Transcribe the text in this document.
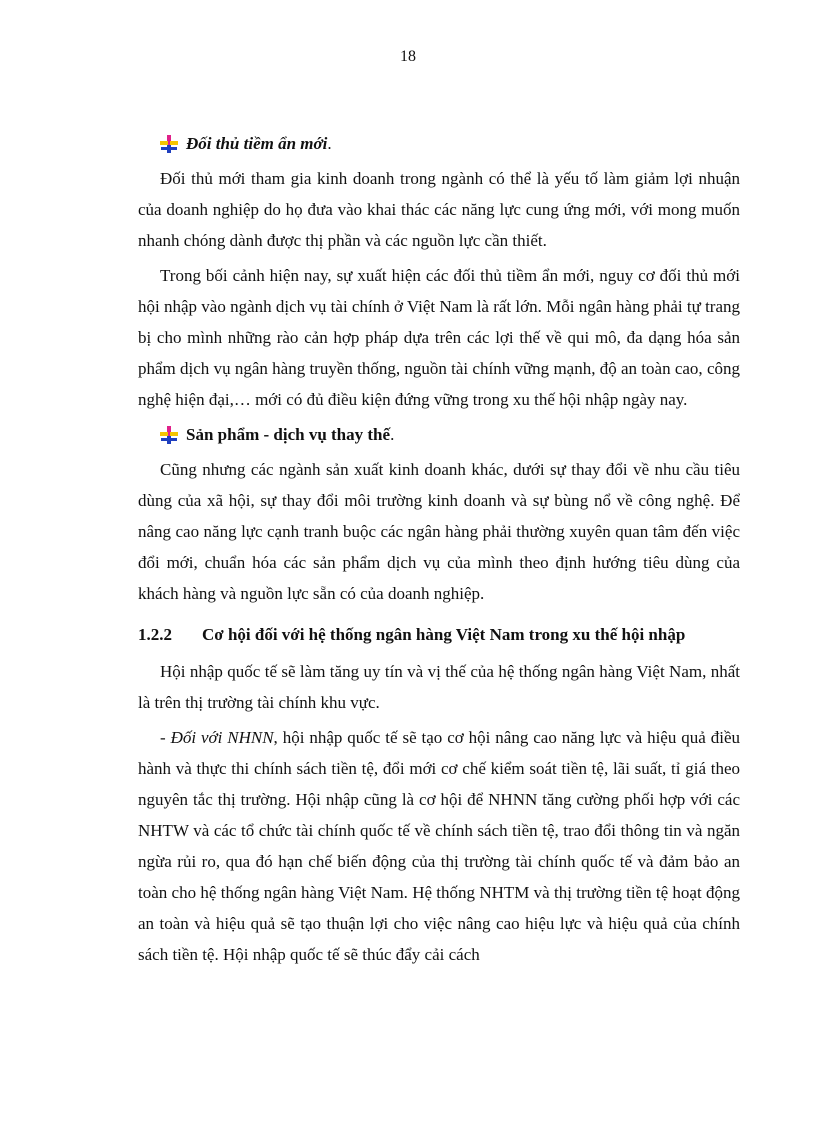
18
Đối thủ tiềm ẩn mới .

Đối thủ mới tham gia kinh doanh trong ngành có thể là yếu tố làm giảm lợi nhuận của doanh nghiệp do họ đưa vào khai thác các năng lực cung ứng mới, với mong muốn nhanh chóng dành được thị phần và các nguồn lực cần thiết.

Trong bối cảnh hiện nay, sự xuất hiện các đối thủ tiềm ẩn mới, nguy cơ đối thủ mới hội nhập vào ngành dịch vụ tài chính ở Việt Nam là rất lớn. Mỗi ngân hàng phải tự trang bị cho mình những rào cản hợp pháp dựa trên các lợi thế về qui mô, đa dạng hóa sản phẩm dịch vụ ngân hàng truyền thống, nguồn tài chính vững mạnh, độ an toàn cao, công nghệ hiện đại,… mới có đủ điều kiện đứng vững trong xu thế hội nhập ngày nay.

Sản phẩm - dịch vụ thay thế .

Cũng nhưng các ngành sản xuất kinh doanh khác, dưới sự thay đổi về nhu cầu tiêu dùng của xã hội, sự thay đổi môi trường kinh doanh và sự bùng nổ về công nghệ. Để nâng cao năng lực cạnh tranh buộc các ngân hàng phải thường xuyên quan tâm đến việc đổi mới, chuẩn hóa các sản phẩm dịch vụ của mình theo định hướng tiêu dùng của khách hàng và nguồn lực sẵn có của doanh nghiệp.

1.2.2	Cơ hội đối với hệ thống ngân hàng Việt Nam trong xu thế hội nhập

Hội nhập quốc tế sẽ làm tăng uy tín và vị thế của hệ thống ngân hàng Việt Nam, nhất là trên thị trường tài chính khu vực.

- Đối với NHNN, hội nhập quốc tế sẽ tạo cơ hội nâng cao năng lực và hiệu quả điều hành và thực thi chính sách tiền tệ, đổi mới cơ chế kiểm soát tiền tệ, lãi suất, tỉ giá theo nguyên tắc thị trường. Hội nhập cũng là cơ hội để NHNN tăng cường phối hợp với các NHTW và các tổ chức tài chính quốc tế về chính sách tiền tệ, trao đổi thông tin và ngăn ngừa rủi ro, qua đó hạn chế biến động của thị trường tài chính quốc tế và đảm bảo an toàn cho hệ thống ngân hàng Việt Nam. Hệ thống NHTM và thị trường tiền tệ hoạt động an toàn và hiệu quả sẽ tạo thuận lợi cho việc nâng cao hiệu lực và hiệu quả của chính sách tiền tệ. Hội nhập quốc tế sẽ thúc đẩy cải cách
